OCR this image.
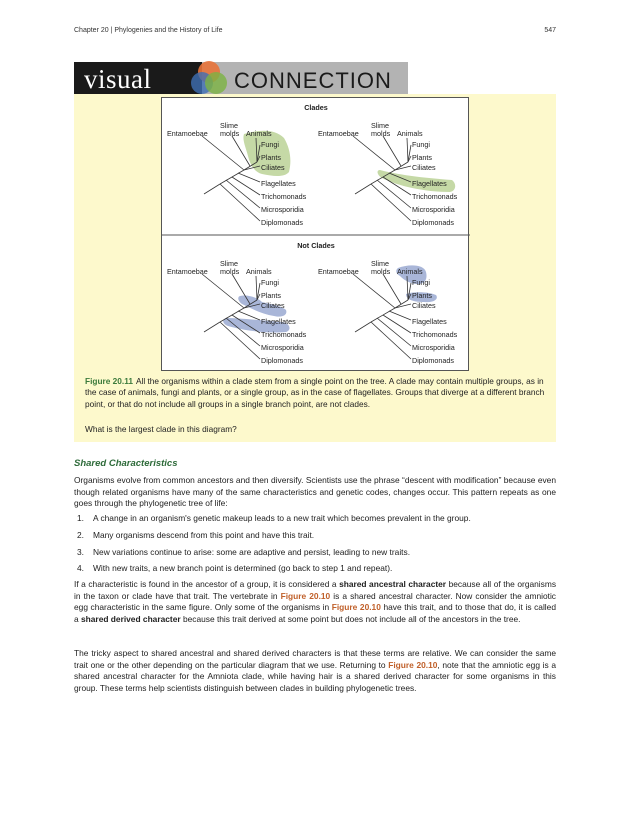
Chapter 20 | Phylogenies and the History of Life	547
visual	CONNECTION
Clades
Not Clades
Entamoebae
Slime
molds Animals
Fungi
Plants
Ciliates
Flagellates
Trichomonads
Microsporidia
Diplomonads
Entamoebae
Slime
molds Animals
Fungi
Plants
Ciliates
Flagellates
Trichomonads
Microsporidia
Diplomonads
Entamoebae
Slime
molds Animals
Fungi
Plants
Ciliates
Flagellates
Trichomonads
Microsporidia
Diplomonads
Entamoebae
Slime
molds Animals
Fungi
Plants
Ciliates
Flagellates
Trichomonads
Microsporidia
Diplomonads
Figure 20.11 All the organisms within a clade stem from a single point on the tree. A clade may contain multiple groups, as in the case of animals, fungi and plants, or a single group, as in the case of flagellates. Groups that diverge at a different branch point, or that do not include all groups in a single branch point, are not clades.
What is the largest clade in this diagram?
Shared Characteristics

Organisms evolve from common ancestors and then diversify. Scientists use the phrase “descent with modification” because even though related organisms have many of the same characteristics and genetic codes, changes occur. This pattern repeats as one goes through the phylogenetic tree of life:

1. A change in an organism's genetic makeup leads to a new trait which becomes prevalent in the group.
2. Many organisms descend from this point and have this trait.
3. New variations continue to arise: some are adaptive and persist, leading to new traits.
4. With new traits, a new branch point is determined (go back to step 1 and repeat).

If a characteristic is found in the ancestor of a group, it is considered a shared ancestral character because all of the organisms in the taxon or clade have that trait. The vertebrate in Figure 20.10 is a shared ancestral character. Now consider the amniotic egg characteristic in the same figure. Only some of the organisms in Figure 20.10 have this trait, and to those that do, it is called a shared derived character because this trait derived at some point but does not include all of the ancestors in the tree.

The tricky aspect to shared ancestral and shared derived characters is that these terms are relative. We can consider the same trait one or the other depending on the particular diagram that we use. Returning to Figure 20.10, note that the amniotic egg is a shared ancestral character for the Amniota clade, while having hair is a shared derived character for some organisms in this group. These terms help scientists distinguish between clades in building phylogenetic trees.
